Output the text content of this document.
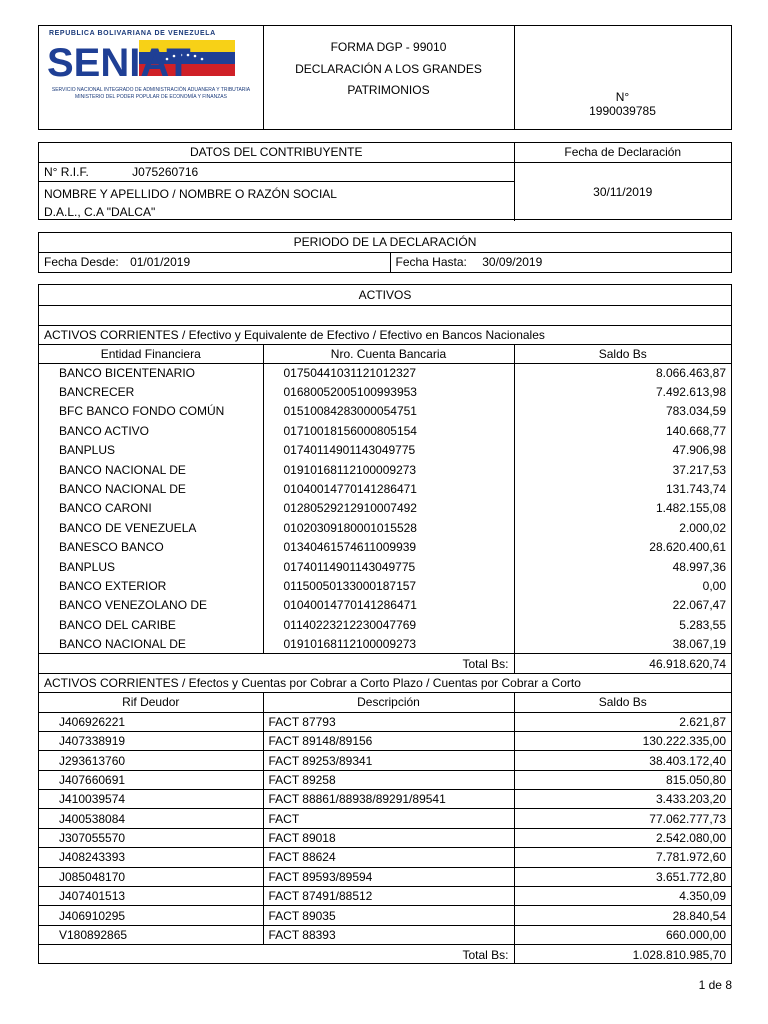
REPUBLICA BOLIVARIANA DE VENEZUELA
SENIAT
SERVICIO NACIONAL INTEGRADO DE ADMINISTRACIÓN ADUANERA Y TRIBUTARIA
MINISTERIO DEL PODER POPULAR DE ECONOMÍA Y FINANZAS
FORMA DGP - 99010
DECLARACIÓN A LOS GRANDES
PATRIMONIOS	N°
1990039785
DATOS DEL CONTRIBUYENTE	Fecha de Declaración
N° R.I.F. J075260716	30/11/2019

NOMBRE Y APELLIDO / NOMBRE O RAZÓN SOCIAL
D.A.L., C.A "DALCA"	
PERIODO DE LA DECLARACIÓN
Fecha Desde: 01/01/2019	Fecha Hasta: 30/09/2019
ACTIVOS		

ACTIVOS CORRIENTES / Efectivo y Equivalente de Efectivo / Efectivo en Bancos Nacionales		
Entidad Financiera	Nro. Cuenta Bancaria	Saldo Bs
BANCO BICENTENARIO	01750441031121012327	8.066.463,87
BANCRECER	01680052005100993953	7.492.613,98
BFC BANCO FONDO COMÚN	01510084283000054751	783.034,59
BANCO ACTIVO	01710018156000805154	140.668,77
BANPLUS	01740114901143049775	47.906,98
BANCO NACIONAL DE	01910168112100009273	37.217,53
BANCO NACIONAL DE	01040014770141286471	131.743,74
BANCO CARONI	01280529212910007492	1.482.155,08
BANCO DE VENEZUELA	01020309180001015528	2.000,02
BANESCO BANCO	01340461574611009939	28.620.400,61
BANPLUS	01740114901143049775	48.997,36
BANCO EXTERIOR	01150050133000187157	0,00
BANCO VENEZOLANO DE	01040014770141286471	22.067,47
BANCO DEL CARIBE	01140223212230047769	5.283,55
BANCO NACIONAL DE	01910168112100009273	38.067,19
Total Bs:		46.918.620,74
ACTIVOS CORRIENTES / Efectos y Cuentas por Cobrar a Corto Plazo / Cuentas por Cobrar a Corto		
Rif Deudor	Descripción	Saldo Bs
J406926221	FACT 87793	2.621,87
J407338919	FACT 89148/89156	130.222.335,00
J293613760	FACT 89253/89341	38.403.172,40
J407660691	FACT 89258	815.050,80
J410039574	FACT 88861/88938/89291/89541	3.433.203,20
J400538084	FACT	77.062.777,73
J307055570	FACT 89018	2.542.080,00
J408243393	FACT 88624	7.781.972,60
J085048170	FACT 89593/89594	3.651.772,80
J407401513	FACT 87491/88512	4.350,09
J406910295	FACT 89035	28.840,54
V180892865	FACT 88393	660.000,00
Total Bs:		1.028.810.985,70
1 de 8
